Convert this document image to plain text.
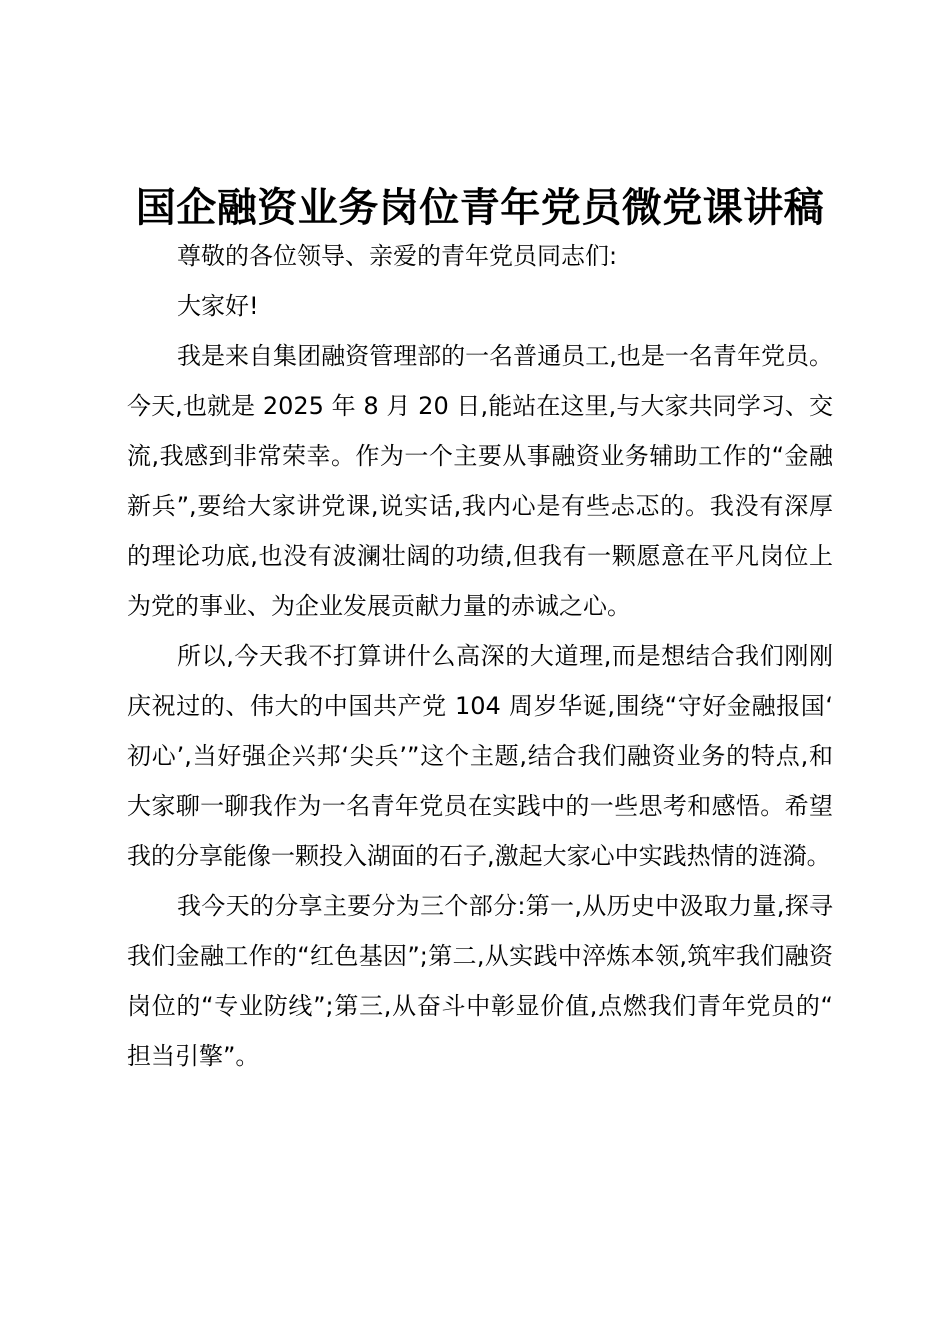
国企融资业务岗位青年党员微党课讲稿

尊敬的各位领导、亲爱的青年党员同志们:

大家好!

我是来自集团融资管理部的一名普通员工,也是一名青年党员。今天,也就是 2025 年 8 月 20 日,能站在这里,与大家共同学习、交流,我感到非常荣幸。作为一个主要从事融资业务辅助工作的“金融新兵”,要给大家讲党课,说实话,我内心是有些忐忑的。我没有深厚的理论功底,也没有波澜壮阔的功绩,但我有一颗愿意在平凡岗位上为党的事业、为企业发展贡献力量的赤诚之心。

所以,今天我不打算讲什么高深的大道理,而是想结合我们刚刚庆祝过的、伟大的中国共产党 104 周岁华诞,围绕“守好金融报国‘初心’,当好强企兴邦‘尖兵’”这个主题,结合我们融资业务的特点,和大家聊一聊我作为一名青年党员在实践中的一些思考和感悟。希望我的分享能像一颗投入湖面的石子,激起大家心中实践热情的涟漪。

我今天的分享主要分为三个部分:第一,从历史中汲取力量,探寻我们金融工作的“红色基因”;第二,从实践中淬炼本领,筑牢我们融资岗位的“专业防线”;第三,从奋斗中彰显价值,点燃我们青年党员的“担当引擎”。
